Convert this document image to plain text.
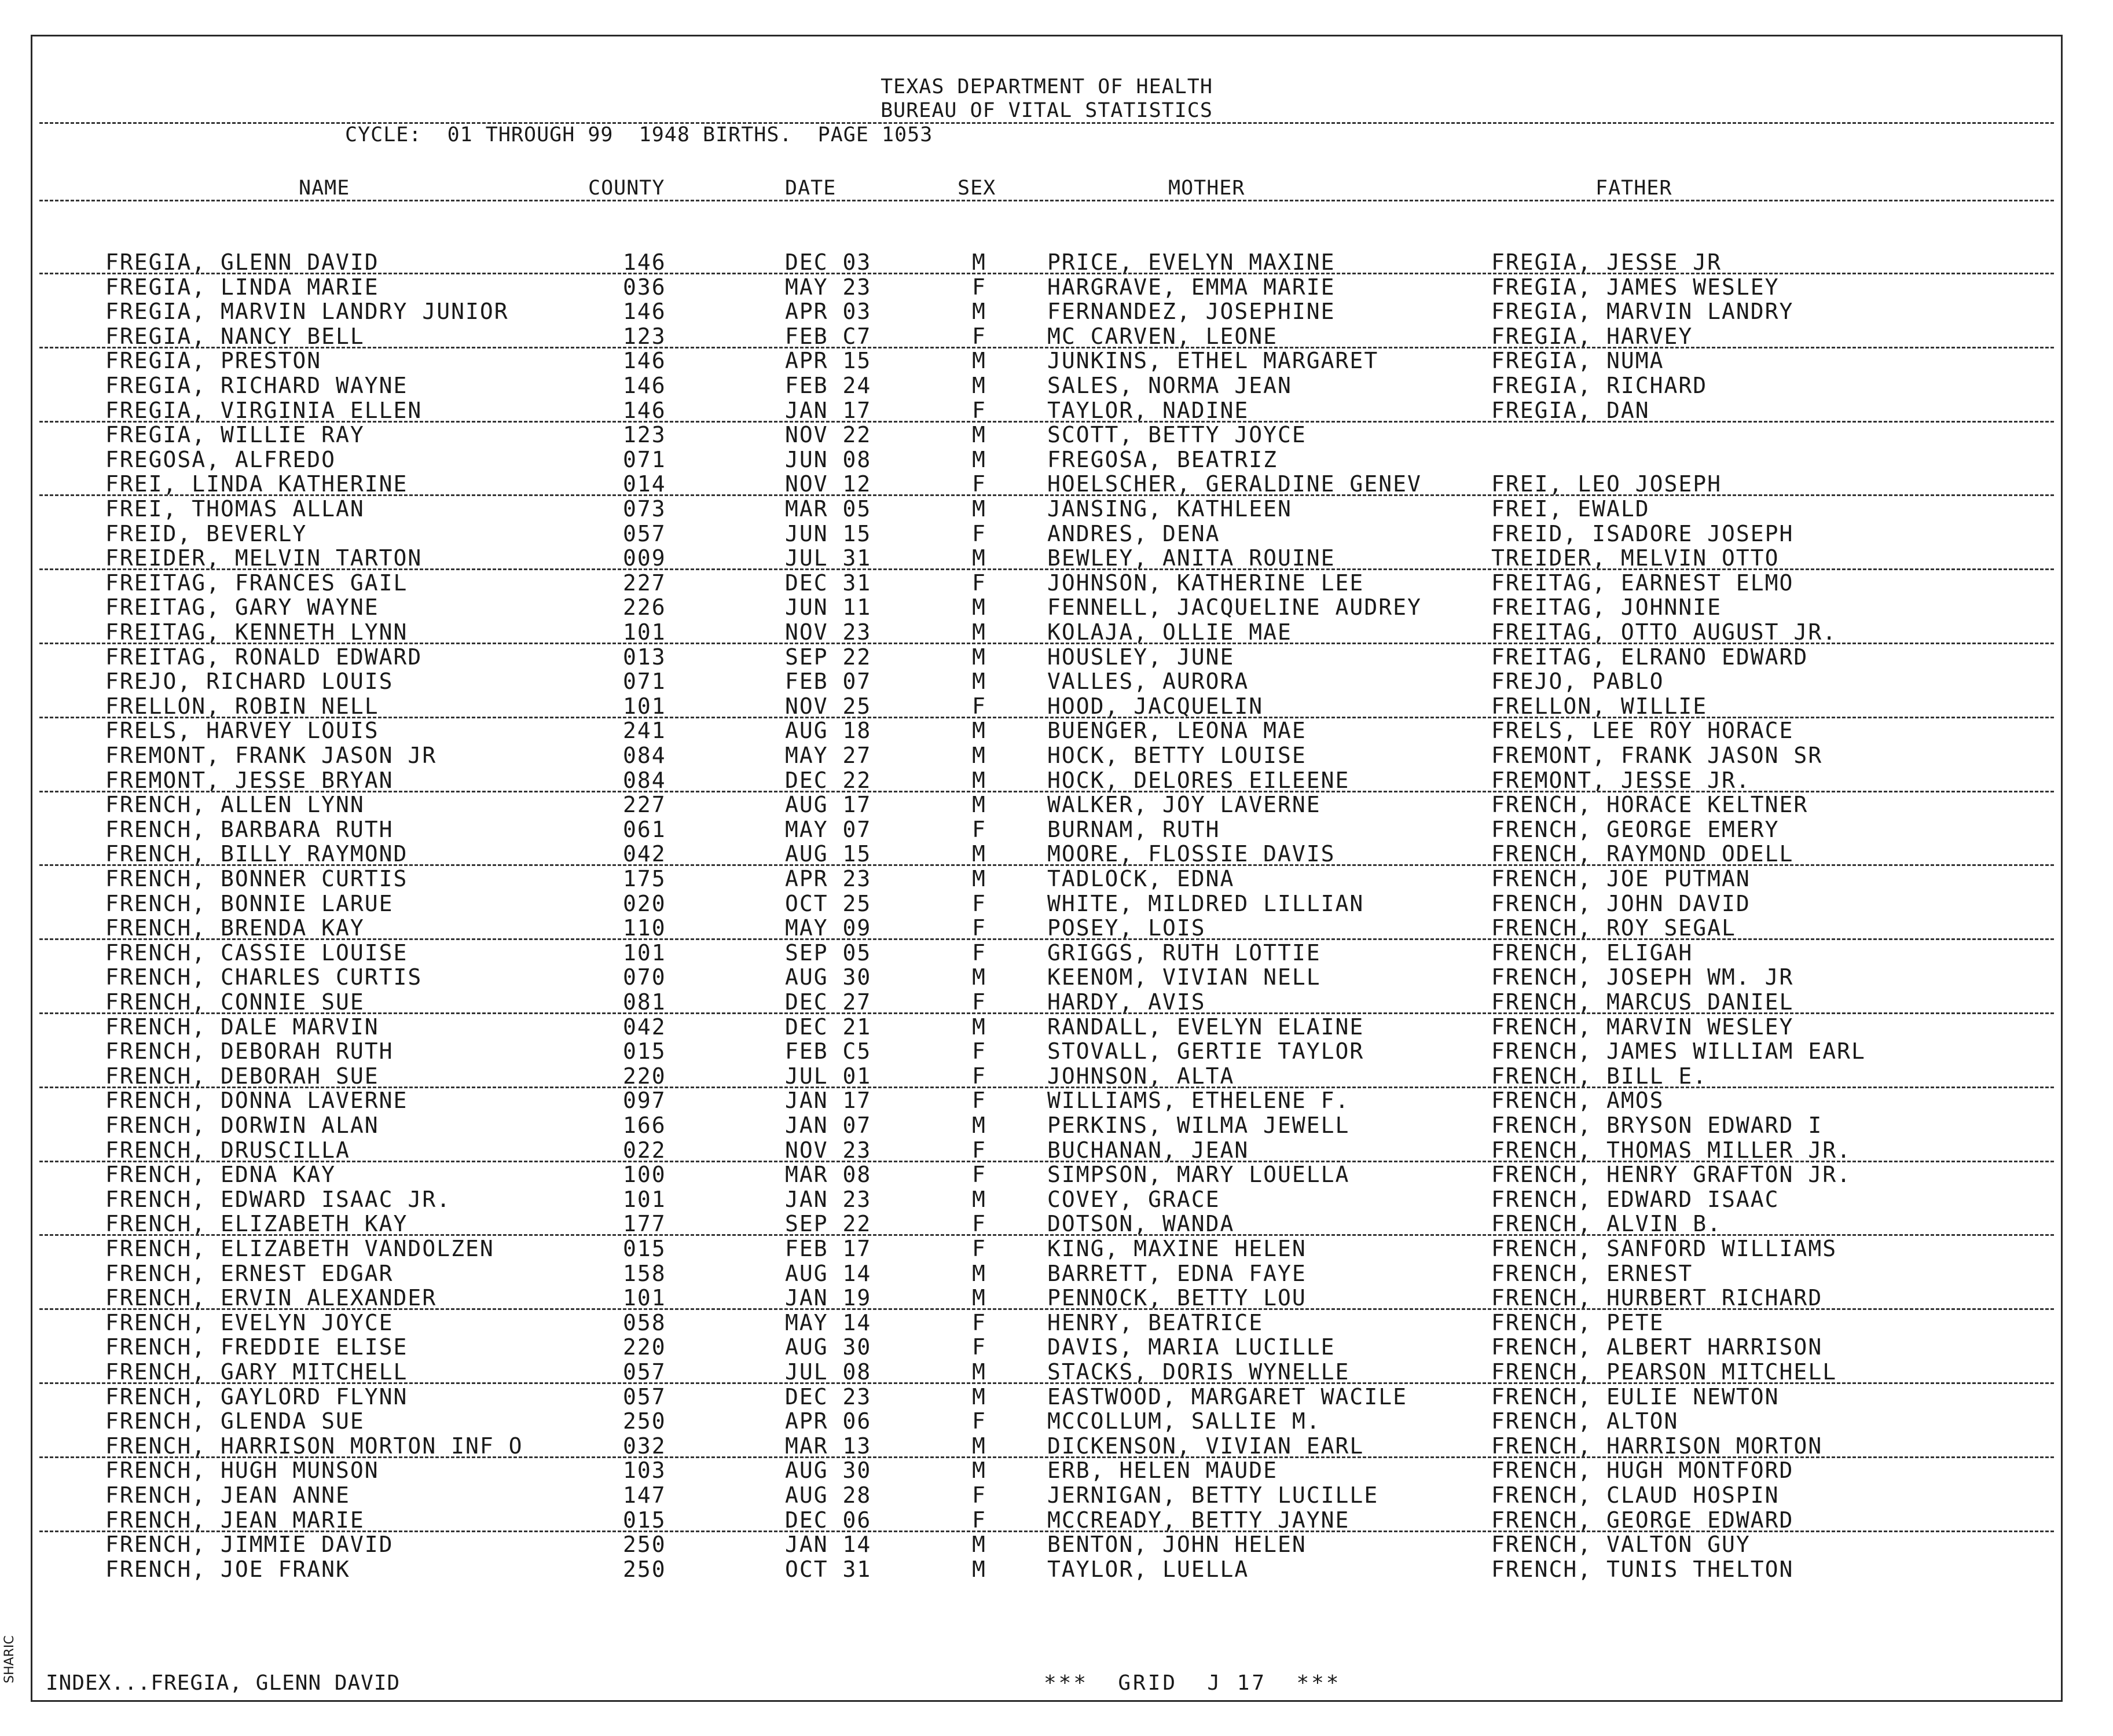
TEXAS DEPARTMENT OF HEALTH
BUREAU OF VITAL STATISTICS
CYCLE:  01 THROUGH 99  1948 BIRTHS.  PAGE 1053
NAME	COUNTY	DATE	SEX	MOTHER	FATHER
FREGIA, GLENN DAVID	146	DEC 03	M	PRICE, EVELYN MAXINE	FREGIA, JESSE JR
FREGIA, LINDA MARIE	036	MAY 23	F	HARGRAVE, EMMA MARIE	FREGIA, JAMES WESLEY
FREGIA, MARVIN LANDRY JUNIOR	146	APR 03	M	FERNANDEZ, JOSEPHINE	FREGIA, MARVIN LANDRY
FREGIA, NANCY BELL	123	FEB C7	F	MC CARVEN, LEONE	FREGIA, HARVEY
FREGIA, PRESTON	146	APR 15	M	JUNKINS, ETHEL MARGARET	FREGIA, NUMA
FREGIA, RICHARD WAYNE	146	FEB 24	M	SALES, NORMA JEAN	FREGIA, RICHARD
FREGIA, VIRGINIA ELLEN	146	JAN 17	F	TAYLOR, NADINE	FREGIA, DAN
FREGIA, WILLIE RAY	123	NOV 22	M	SCOTT, BETTY JOYCE
FREGOSA, ALFREDO	071	JUN 08	M	FREGOSA, BEATRIZ
FREI, LINDA KATHERINE	014	NOV 12	F	HOELSCHER, GERALDINE GENEV	FREI, LEO JOSEPH
FREI, THOMAS ALLAN	073	MAR 05	M	JANSING, KATHLEEN	FREI, EWALD
FREID, BEVERLY	057	JUN 15	F	ANDRES, DENA	FREID, ISADORE JOSEPH
FREIDER, MELVIN TARTON	009	JUL 31	M	BEWLEY, ANITA ROUINE	TREIDER, MELVIN OTTO
FREITAG, FRANCES GAIL	227	DEC 31	F	JOHNSON, KATHERINE LEE	FREITAG, EARNEST ELMO
FREITAG, GARY WAYNE	226	JUN 11	M	FENNELL, JACQUELINE AUDREY	FREITAG, JOHNNIE
FREITAG, KENNETH LYNN	101	NOV 23	M	KOLAJA, OLLIE MAE	FREITAG, OTTO AUGUST JR.
FREITAG, RONALD EDWARD	013	SEP 22	M	HOUSLEY, JUNE	FREITAG, ELRANO EDWARD
FREJO, RICHARD LOUIS	071	FEB 07	M	VALLES, AURORA	FREJO, PABLO
FRELLON, ROBIN NELL	101	NOV 25	F	HOOD, JACQUELIN	FRELLON, WILLIE
FRELS, HARVEY LOUIS	241	AUG 18	M	BUENGER, LEONA MAE	FRELS, LEE ROY HORACE
FREMONT, FRANK JASON JR	084	MAY 27	M	HOCK, BETTY LOUISE	FREMONT, FRANK JASON SR
FREMONT, JESSE BRYAN	084	DEC 22	M	HOCK, DELORES EILEENE	FREMONT, JESSE JR.
FRENCH, ALLEN LYNN	227	AUG 17	M	WALKER, JOY LAVERNE	FRENCH, HORACE KELTNER
FRENCH, BARBARA RUTH	061	MAY 07	F	BURNAM, RUTH	FRENCH, GEORGE EMERY
FRENCH, BILLY RAYMOND	042	AUG 15	M	MOORE, FLOSSIE DAVIS	FRENCH, RAYMOND ODELL
FRENCH, BONNER CURTIS	175	APR 23	M	TADLOCK, EDNA	FRENCH, JOE PUTMAN
FRENCH, BONNIE LARUE	020	OCT 25	F	WHITE, MILDRED LILLIAN	FRENCH, JOHN DAVID
FRENCH, BRENDA KAY	110	MAY 09	F	POSEY, LOIS	FRENCH, ROY SEGAL
FRENCH, CASSIE LOUISE	101	SEP 05	F	GRIGGS, RUTH LOTTIE	FRENCH, ELIGAH
FRENCH, CHARLES CURTIS	070	AUG 30	M	KEENOM, VIVIAN NELL	FRENCH, JOSEPH WM. JR
FRENCH, CONNIE SUE	081	DEC 27	F	HARDY, AVIS	FRENCH, MARCUS DANIEL
FRENCH, DALE MARVIN	042	DEC 21	M	RANDALL, EVELYN ELAINE	FRENCH, MARVIN WESLEY
FRENCH, DEBORAH RUTH	015	FEB C5	F	STOVALL, GERTIE TAYLOR	FRENCH, JAMES WILLIAM EARL
FRENCH, DEBORAH SUE	220	JUL 01	F	JOHNSON, ALTA	FRENCH, BILL E.
FRENCH, DONNA LAVERNE	097	JAN 17	F	WILLIAMS, ETHELENE F.	FRENCH, AMOS
FRENCH, DORWIN ALAN	166	JAN 07	M	PERKINS, WILMA JEWELL	FRENCH, BRYSON EDWARD I
FRENCH, DRUSCILLA	022	NOV 23	F	BUCHANAN, JEAN	FRENCH, THOMAS MILLER JR.
FRENCH, EDNA KAY	100	MAR 08	F	SIMPSON, MARY LOUELLA	FRENCH, HENRY GRAFTON JR.
FRENCH, EDWARD ISAAC JR.	101	JAN 23	M	COVEY, GRACE	FRENCH, EDWARD ISAAC
FRENCH, ELIZABETH KAY	177	SEP 22	F	DOTSON, WANDA	FRENCH, ALVIN B.
FRENCH, ELIZABETH VANDOLZEN	015	FEB 17	F	KING, MAXINE HELEN	FRENCH, SANFORD WILLIAMS
FRENCH, ERNEST EDGAR	158	AUG 14	M	BARRETT, EDNA FAYE	FRENCH, ERNEST
FRENCH, ERVIN ALEXANDER	101	JAN 19	M	PENNOCK, BETTY LOU	FRENCH, HURBERT RICHARD
FRENCH, EVELYN JOYCE	058	MAY 14	F	HENRY, BEATRICE	FRENCH, PETE
FRENCH, FREDDIE ELISE	220	AUG 30	F	DAVIS, MARIA LUCILLE	FRENCH, ALBERT HARRISON
FRENCH, GARY MITCHELL	057	JUL 08	M	STACKS, DORIS WYNELLE	FRENCH, PEARSON MITCHELL
FRENCH, GAYLORD FLYNN	057	DEC 23	M	EASTWOOD, MARGARET WACILE	FRENCH, EULIE NEWTON
FRENCH, GLENDA SUE	250	APR 06	F	MCCOLLUM, SALLIE M.	FRENCH, ALTON
FRENCH, HARRISON MORTON INF O	032	MAR 13	M	DICKENSON, VIVIAN EARL	FRENCH, HARRISON MORTON
FRENCH, HUGH MUNSON	103	AUG 30	M	ERB, HELEN MAUDE	FRENCH, HUGH MONTFORD
FRENCH, JEAN ANNE	147	AUG 28	F	JERNIGAN, BETTY LUCILLE	FRENCH, CLAUD HOSPIN
FRENCH, JEAN MARIE	015	DEC 06	F	MCCREADY, BETTY JAYNE	FRENCH, GEORGE EDWARD
FRENCH, JIMMIE DAVID	250	JAN 14	M	BENTON, JOHN HELEN	FRENCH, VALTON GUY
FRENCH, JOE FRANK	250	OCT 31	M	TAYLOR, LUELLA	FRENCH, TUNIS THELTON
INDEX...FREGIA, GLENN DAVID	***  GRID  J 17  ***
SHARIC
